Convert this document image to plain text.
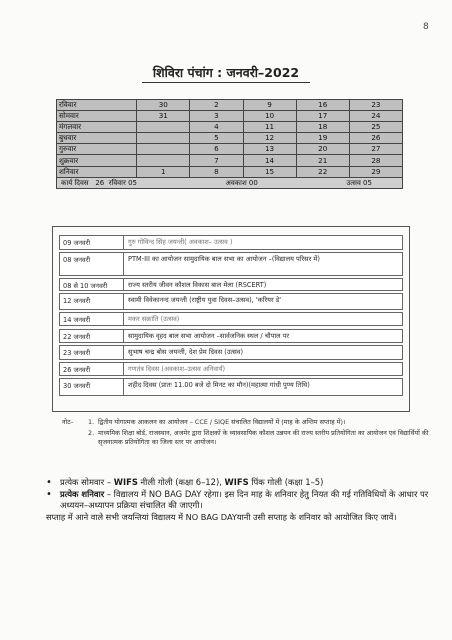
8
शिविरा पंचांग : जनवरी–2022
रविवार	30	2	9	16	23
सोमवार	31	3	10	17	24
मंगलवार		4	11	18	25
बुधवार		5	12	19	26
गुरुवार		6	13	20	27
शुक्रवार		7	14	21	28
शनिवार	1	8	15	22	29

कार्य दिवस 26 रविवार 05 अवकाश 00 उत्सव 05					
09 जनवरी	गुरु गोविन्द सिंह जयन्ती( अवकाश– उत्सव )
08 जनवरी	PTM-III का आयोजन सामुदायिक बाल सभा का आयोजन –(विद्यालय परिसर में)
08 से 10 जनवरी	राज्य स्तरीय जीवन कौशल विकास बाल मेला (RSCERT)
12 जनवरी	स्वामी विवेकानन्द जयन्ती (राष्ट्रीय युवा दिवस–उत्सव), 'करियर डे'
14 जनवरी	मकर सक्रांति (उत्सव)
22 जनवरी	सामुदायिक वृहद बाल सभा आयोजन –सार्वजनिक स्थल / चौपाल पर
23 जनवरी	सुभाष चन्द्र बोस जयन्ती, देश प्रेम दिवस (उत्सव)
26 जनवरी	गणतंत्र दिवस (अवकाश–उत्सव अनिवार्य)
30 जनवरी	शहीद दिवस (प्रातः 11.00 बजे दो मिनट का मौन)(महात्मा गांधी पुण्य तिथि)
नोट– 1. द्वितीय योगात्मक आकलन का आयोजन – CCE / SIQE संचालित विद्यालयों में (माह के अन्तिम सप्ताह में)।
2. माध्यमिक शिक्षा बोर्ड, राजस्थान, अजमेर द्वारा शिक्षकों के व्यावसायिक कौशल उन्नयन की राज्य स्तरीय प्रतियोगिता का आयोजन एवं विद्यार्थियों की सृजनात्मक प्रतियोगिता का जिला स्तर पर आयोजन।
• प्रत्येक सोमवार – WIFS नीली गोली (कक्षा 6–12), WIFS पिंक गोली (कक्षा 1–5)
• प्रत्येक शनिवार – विद्यालय में NO BAG DAY रहेगा। इस दिन माह के शनिवार हेतु नियत की गई गतिविधियों के आधार पर अध्ययन–अध्यापन प्रक्रिया संचालित की जाएगी।
सप्ताह में आने वाले सभी जयन्तियां विद्यालय में NO BAG DAYयानी उसी सप्ताह के शनिवार को आयोजित किए जावें।
